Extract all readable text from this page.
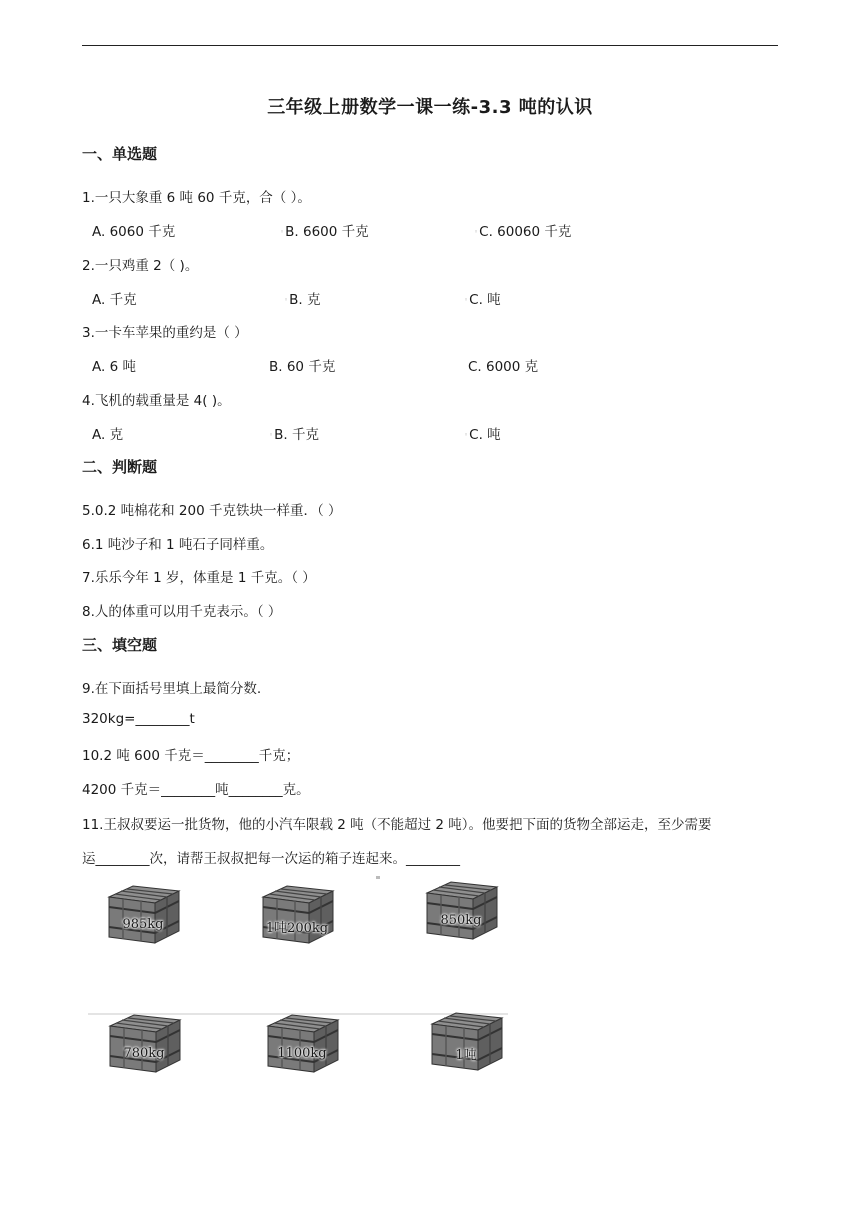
三年级上册数学一课一练-3.3 吨的认识
一、单选题
1.一只大象重 6 吨 60 千克，合（ ）。
A. 6060 千克	◦B. 6600 千克	◦C. 60060 千克
2.一只鸡重 2（ )。
A. 千克	◦B. 克	◦C. 吨
3.一卡车苹果的重约是（ ）
A. 6 吨	B. 60 千克	C. 6000 克
4.飞机的载重量是 4( )。
A. 克	◦B. 千克	◦C. 吨
二、判断题
5.0.2 吨棉花和 200 千克铁块一样重．（ ）
6.1 吨沙子和 1 吨石子同样重。
7.乐乐今年 1 岁，体重是 1 千克。（ ）
8.人的体重可以用千克表示。（ ）
三、填空题
9.在下面括号里填上最简分数.
320kg=________t
10.2 吨 600 千克＝________千克；
4200 千克＝________吨________克。
11.王叔叔要运一批货物，他的小汽车限载 2 吨（不能超过 2 吨）。他要把下面的货物全部运走，至少需要
运________次，请帮王叔叔把每一次运的箱子连起来。________
985kg	1吨200kg
850kg
780kg	1100kg	1吨
